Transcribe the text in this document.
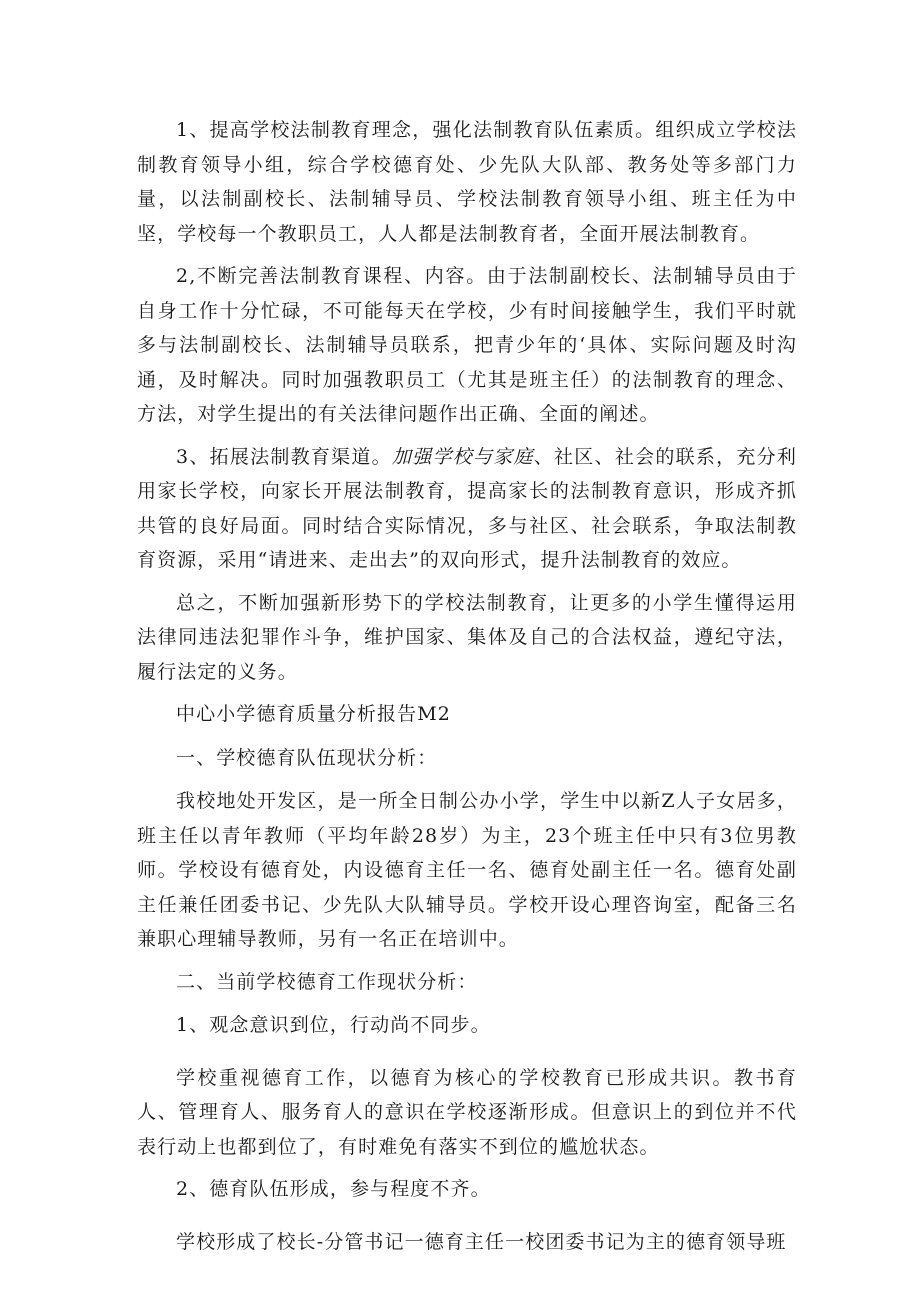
1、提高学校法制教育理念，强化法制教育队伍素质。组织成立学校法制教育领导小组，综合学校德育处、少先队大队部、教务处等多部门力量，以法制副校长、法制辅导员、学校法制教育领导小组、班主任为中坚，学校每一个教职员工，人人都是法制教育者，全面开展法制教育。

2,不断完善法制教育课程、内容。由于法制副校长、法制辅导员由于自身工作十分忙碌，不可能每天在学校，少有时间接触学生，我们平时就多与法制副校长、法制辅导员联系，把青少年的‘具体、实际问题及时沟通，及时解决。同时加强教职员工（尤其是班主任）的法制教育的理念、方法，对学生提出的有关法律问题作出正确、全面的阐述。

3、拓展法制教育渠道。加强学校与家庭、社区、社会的联系，充分利用家长学校，向家长开展法制教育，提高家长的法制教育意识，形成齐抓共管的良好局面。同时结合实际情况，多与社区、社会联系，争取法制教育资源，采用“请进来、走出去”的双向形式，提升法制教育的效应。

总之，不断加强新形势下的学校法制教育，让更多的小学生懂得运用法律同违法犯罪作斗争，维护国家、集体及自己的合法权益，遵纪守法，履行法定的义务。

中心小学德育质量分析报告M2

一、学校德育队伍现状分析：

我校地处开发区，是一所全日制公办小学，学生中以新Z人子女居多，班主任以青年教师（平均年龄28岁）为主，23个班主任中只有3位男教师。学校设有德育处，内设德育主任一名、德育处副主任一名。德育处副主任兼任团委书记、少先队大队辅导员。学校开设心理咨询室，配备三名兼职心理辅导教师，另有一名正在培训中。

二、当前学校德育工作现状分析：

1、观念意识到位，行动尚不同步。

学校重视德育工作，以德育为核心的学校教育已形成共识。教书育人、管理育人、服务育人的意识在学校逐渐形成。但意识上的到位并不代表行动上也都到位了，有时难免有落实不到位的尴尬状态。

2、德育队伍形成，参与程度不齐。

学校形成了校长-分管书记一德育主任一校团委书记为主的德育领导班
